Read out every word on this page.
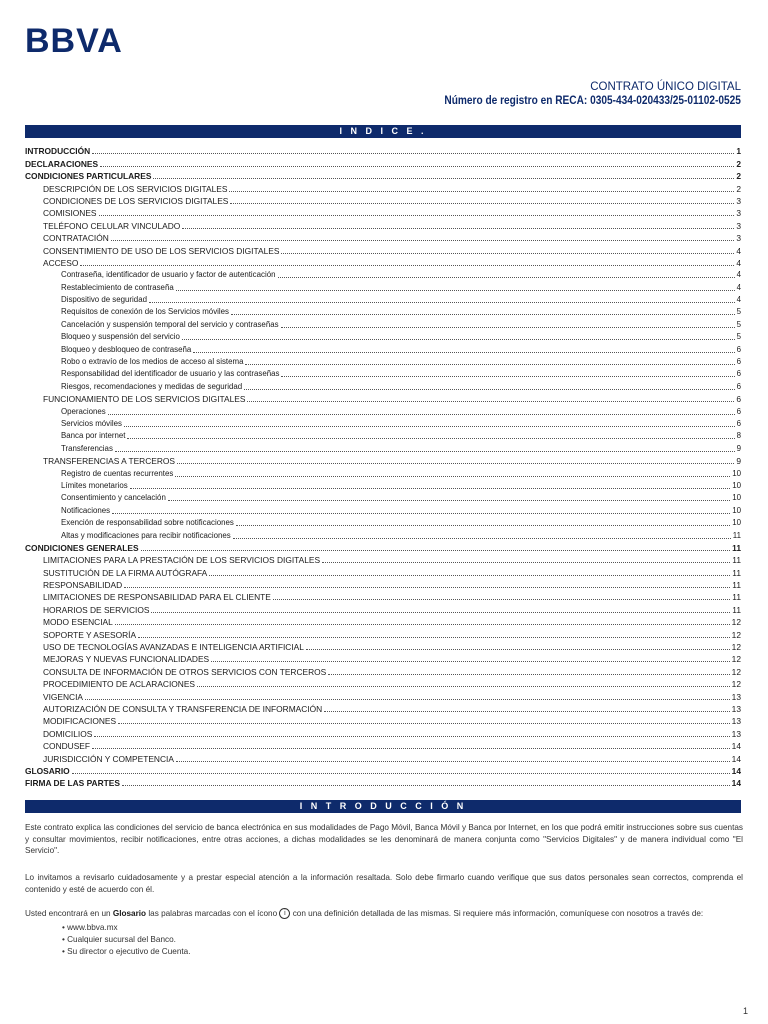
BBVA
CONTRATO ÚNICO DIGITAL
Número de registro en RECA: 0305-434-020433/25-01102-0525
I N D I C E .
INTRODUCCIÓN	1
DECLARACIONES	2
CONDICIONES PARTICULARES	2
DESCRIPCIÓN DE LOS SERVICIOS DIGITALES	2
CONDICIONES DE LOS SERVICIOS DIGITALES	3
COMISIONES	3
TELÉFONO CELULAR VINCULADO	3
CONTRATACIÓN	3
CONSENTIMIENTO DE USO DE LOS SERVICIOS DIGITALES	4
ACCESO	4
Contraseña, identificador de usuario y factor de autenticación	4
Restablecimiento de contraseña	4
Dispositivo de seguridad	4
Requisitos de conexión de los Servicios móviles	5
Cancelación y suspensión temporal del servicio y contraseñas	5
Bloqueo y suspensión del servicio	5
Bloqueo y desbloqueo de contraseña	6
Robo o extravío de los medios de acceso al sistema	6
Responsabilidad del identificador de usuario y las contraseñas	6
Riesgos, recomendaciones y medidas de seguridad	6
FUNCIONAMIENTO DE LOS SERVICIOS DIGITALES	6
Operaciones	6
Servicios móviles	6
Banca por internet	8
Transferencias	9
TRANSFERENCIAS A TERCEROS	9
Registro de cuentas recurrentes	10
Límites monetarios	10
Consentimiento y cancelación	10
Notificaciones	10
Exención de responsabilidad sobre notificaciones	10
Altas y modificaciones para recibir notificaciones	11
CONDICIONES GENERALES	11
LIMITACIONES PARA LA PRESTACIÓN DE LOS SERVICIOS DIGITALES	11
SUSTITUCIÓN DE LA FIRMA AUTÓGRAFA	11
RESPONSABILIDAD	11
LIMITACIONES DE RESPONSABILIDAD PARA EL CLIENTE	11
HORARIOS DE SERVICIOS	11
MODO ESENCIAL	12
SOPORTE Y ASESORÍA	12
USO DE TECNOLOGÍAS AVANZADAS E INTELIGENCIA ARTIFICIAL	12
MEJORAS Y NUEVAS FUNCIONALIDADES	12
CONSULTA DE INFORMACIÓN DE OTROS SERVICIOS CON TERCEROS	12
PROCEDIMIENTO DE ACLARACIONES	12
VIGENCIA	13
AUTORIZACIÓN DE CONSULTA Y TRANSFERENCIA DE INFORMACIÓN	13
MODIFICACIONES	13
DOMICILIOS	13
CONDUSEF	14
JURISDICCIÓN Y COMPETENCIA	14
GLOSARIO	14
FIRMA DE LAS PARTES	14
I N T R O D U C C I Ó N
Este contrato explica las condiciones del servicio de banca electrónica en sus modalidades de Pago Móvil, Banca Móvil y Banca por Internet, en los que podrá emitir instrucciones sobre sus cuentas y consultar movimientos, recibir notificaciones, entre otras acciones, a dichas modalidades se les denominará de manera conjunta como "Servicios Digitales" y de manera individual como "El Servicio".
Lo invitamos a revisarlo cuidadosamente y a prestar especial atención a la información resaltada. Solo debe firmarlo cuando verifique que sus datos personales sean correctos, comprenda el contenido y esté de acuerdo con él.
Usted encontrará en un Glosario las palabras marcadas con el ícono i con una definición detallada de las mismas. Si requiere más información, comuníquese con nosotros a través de:
• www.bbva.mx
• Cualquier sucursal del Banco.
• Su director o ejecutivo de Cuenta.
1
